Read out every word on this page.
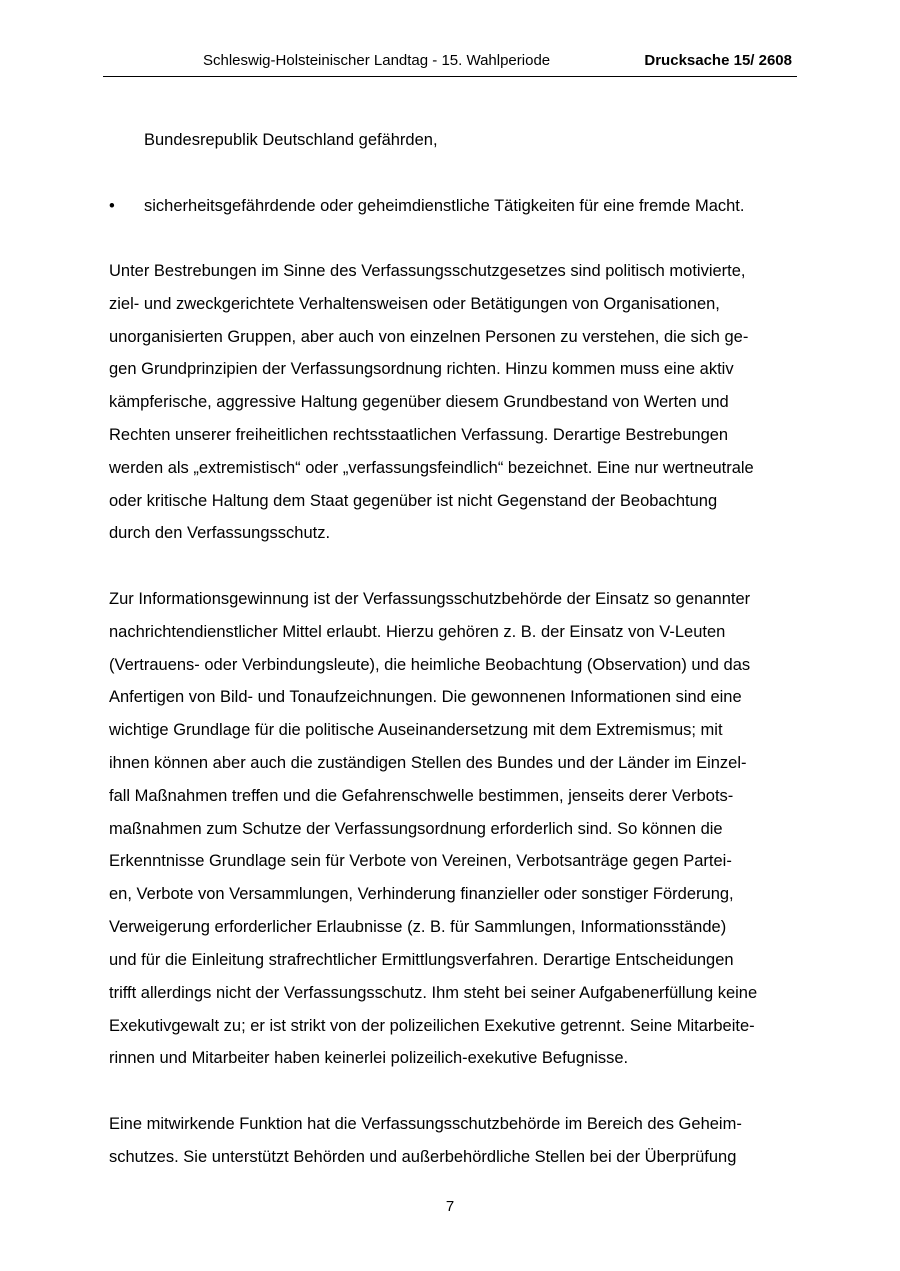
Schleswig-Holsteinischer Landtag - 15. Wahlperiode	Drucksache 15/ 2608
Bundesrepublik Deutschland gefährden,
• sicherheitsgefährdende oder geheimdienstliche Tätigkeiten für eine fremde Macht.
Unter Bestrebungen im Sinne des Verfassungsschutzgesetzes sind politisch motivierte,
ziel- und zweckgerichtete Verhaltensweisen oder Betätigungen von Organisationen,
unorganisierten Gruppen, aber auch von einzelnen Personen zu verstehen, die sich ge-
gen Grundprinzipien der Verfassungsordnung richten. Hinzu kommen muss eine aktiv
kämpferische, aggressive Haltung gegenüber diesem Grundbestand von Werten und
Rechten unserer freiheitlichen rechtsstaatlichen Verfassung. Derartige Bestrebungen
werden als „extremistisch“ oder „verfassungsfeindlich“ bezeichnet. Eine nur wertneutrale
oder kritische Haltung dem Staat gegenüber ist nicht Gegenstand der Beobachtung
durch den Verfassungsschutz.
Zur Informationsgewinnung ist der Verfassungsschutzbehörde der Einsatz so genannter
nachrichtendienstlicher Mittel erlaubt. Hierzu gehören z. B. der Einsatz von V-Leuten
(Vertrauens- oder Verbindungsleute), die heimliche Beobachtung (Observation) und das
Anfertigen von Bild- und Tonaufzeichnungen. Die gewonnenen Informationen sind eine
wichtige Grundlage für die politische Auseinandersetzung mit dem Extremismus; mit
ihnen können aber auch die zuständigen Stellen des Bundes und der Länder im Einzel-
fall Maßnahmen treffen und die Gefahrenschwelle bestimmen, jenseits derer Verbots-
maßnahmen zum Schutze der Verfassungsordnung erforderlich sind. So können die
Erkenntnisse Grundlage sein für Verbote von Vereinen, Verbotsanträge gegen Partei-
en, Verbote von Versammlungen, Verhinderung finanzieller oder sonstiger Förderung,
Verweigerung erforderlicher Erlaubnisse (z. B. für Sammlungen, Informationsstände)
und für die Einleitung strafrechtlicher Ermittlungsverfahren. Derartige Entscheidungen
trifft allerdings nicht der Verfassungsschutz. Ihm steht bei seiner Aufgabenerfüllung keine
Exekutivgewalt zu; er ist strikt von der polizeilichen Exekutive getrennt. Seine Mitarbeite-
rinnen und Mitarbeiter haben keinerlei polizeilich-exekutive Befugnisse.
Eine mitwirkende Funktion hat die Verfassungsschutzbehörde im Bereich des Geheim-
schutzes. Sie unterstützt Behörden und außerbehördliche Stellen bei der Überprüfung
7
